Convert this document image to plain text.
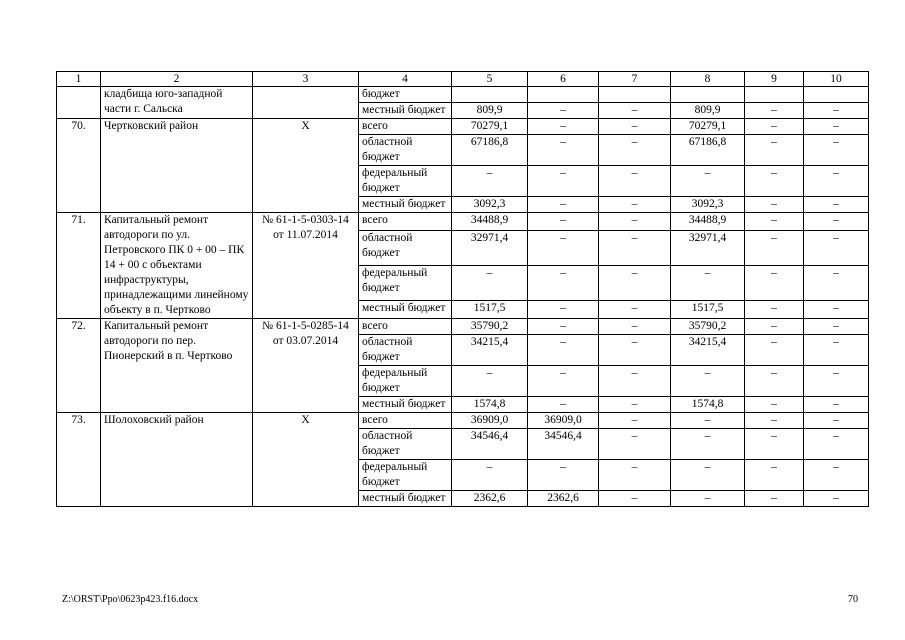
1	2	3	4	5	6	7	8	9	10
	кладбища юго-западной части г. Сальска		бюджет						
			местный бюджет	809,9	–	–	809,9	–	–
70.	Чертковский район	Х	всего	70279,1	–	–	70279,1	–	–
			областной бюджет	67186,8	–	–	67186,8	–	–
			федеральный бюджет	–	–	–	–	–	–
			местный бюджет	3092,3	–	–	3092,3	–	–
71.	Капитальный ремонт автодороги по ул. Петровского ПК 0 + 00 – ПК 14 + 00 с объектами инфраструктуры, принадлежащими линейному объекту в п. Чертково	№ 61-1-5-0303-14 от 11.07.2014	всего	34488,9	–	–	34488,9	–	–
			областной бюджет	32971,4	–	–	32971,4	–	–
			федеральный бюджет	–	–	–	–	–	–
			местный бюджет	1517,5	–	–	1517,5	–	–
72.	Капитальный ремонт автодороги по пер. Пионерский в п. Чертково	№ 61-1-5-0285-14 от 03.07.2014	всего	35790,2	–	–	35790,2	–	–
			областной бюджет	34215,4	–	–	34215,4	–	–
			федеральный бюджет	–	–	–	–	–	–
			местный бюджет	1574,8	–	–	1574,8	–	–
73.	Шолоховский район	Х	всего	36909,0	36909,0	–	–	–	–
			областной бюджет	34546,4	34546,4	–	–	–	–
			федеральный бюджет	–	–	–	–	–	–
			местный бюджет	2362,6	2362,6	–	–	–	–
Z:\ORST\Ppo\0623p423.f16.docx	70
